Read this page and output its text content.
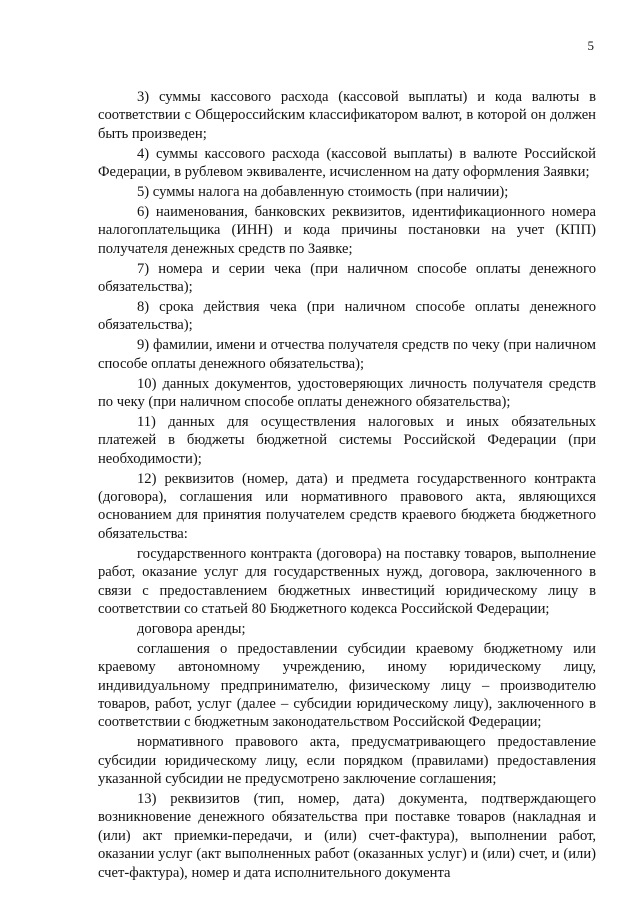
5

3) суммы кассового расхода (кассовой выплаты) и кода валюты в соответствии с Общероссийским классификатором валют, в которой он должен быть произведен;

4) суммы кассового расхода (кассовой выплаты) в валюте Российской Федерации, в рублевом эквиваленте, исчисленном на дату оформления Заявки;

5) суммы налога на добавленную стоимость (при наличии);

6) наименования, банковских реквизитов, идентификационного номера налогоплательщика (ИНН) и кода причины постановки на учет (КПП) получателя денежных средств по Заявке;

7) номера и серии чека (при наличном способе оплаты денежного обязательства);

8) срока действия чека (при наличном способе оплаты денежного обязательства);

9) фамилии, имени и отчества получателя средств по чеку (при наличном способе оплаты денежного обязательства);

10) данных документов, удостоверяющих личность получателя средств по чеку (при наличном способе оплаты денежного обязательства);

11) данных для осуществления налоговых и иных обязательных платежей в бюджеты бюджетной системы Российской Федерации (при необходимости);

12) реквизитов (номер, дата) и предмета государственного контракта (договора), соглашения или нормативного правового акта, являющихся основанием для принятия получателем средств краевого бюджета бюджетного обязательства:

государственного контракта (договора) на поставку товаров, выполнение работ, оказание услуг для государственных нужд, договора, заключенного в связи с предоставлением бюджетных инвестиций юридическому лицу в соответствии со статьей 80 Бюджетного кодекса Российской Федерации;

договора аренды;

соглашения о предоставлении субсидии краевому бюджетному или краевому автономному учреждению, иному юридическому лицу, индивидуальному предпринимателю, физическому лицу – производителю товаров, работ, услуг (далее – субсидии юридическому лицу), заключенного в соответствии с бюджетным законодательством Российской Федерации;

нормативного правового акта, предусматривающего предоставление субсидии юридическому лицу, если порядком (правилами) предоставления указанной субсидии не предусмотрено заключение соглашения;

13) реквизитов (тип, номер, дата) документа, подтверждающего возникновение денежного обязательства при поставке товаров (накладная и (или) акт приемки-передачи, и (или) счет-фактура), выполнении работ, оказании услуг (акт выполненных работ (оказанных услуг) и (или) счет, и (или) счет-фактура), номер и дата исполнительного документа
